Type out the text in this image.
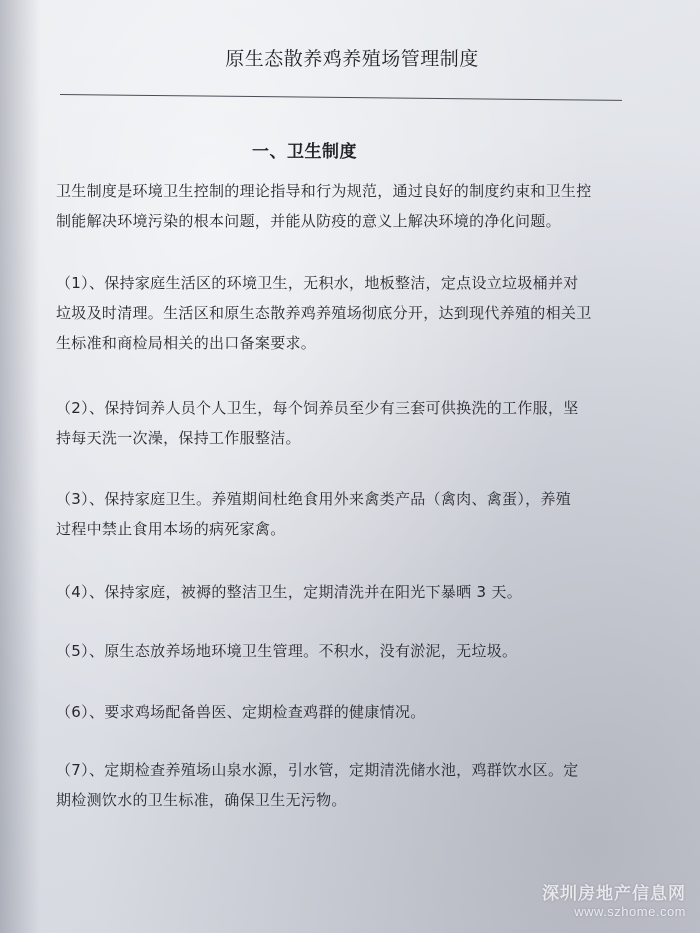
原生态散养鸡养殖场管理制度
一、卫生制度
卫生制度是环境卫生控制的理论指导和行为规范，通过良好的制度约束和卫生控
制能解决环境污染的根本问题，并能从防疫的意义上解决环境的净化问题。
（1）、保持家庭生活区的环境卫生，无积水，地板整洁，定点设立垃圾桶并对
垃圾及时清理。生活区和原生态散养鸡养殖场彻底分开，达到现代养殖的相关卫
生标准和商检局相关的出口备案要求。
（2）、保持饲养人员个人卫生，每个饲养员至少有三套可供换洗的工作服，坚
持每天洗一次澡，保持工作服整洁。
（3）、保持家庭卫生。养殖期间杜绝食用外来禽类产品（禽肉、禽蛋），养殖
过程中禁止食用本场的病死家禽。
（4）、保持家庭，被褥的整洁卫生，定期清洗并在阳光下暴晒 3 天。
（5）、原生态放养场地环境卫生管理。不积水，没有淤泥，无垃圾。
（6）、要求鸡场配备兽医、定期检查鸡群的健康情况。
（7）、定期检查养殖场山泉水源，引水管，定期清洗储水池，鸡群饮水区。定
期检测饮水的卫生标准，确保卫生无污物。
深圳房地产信息网
www.szhome.com
